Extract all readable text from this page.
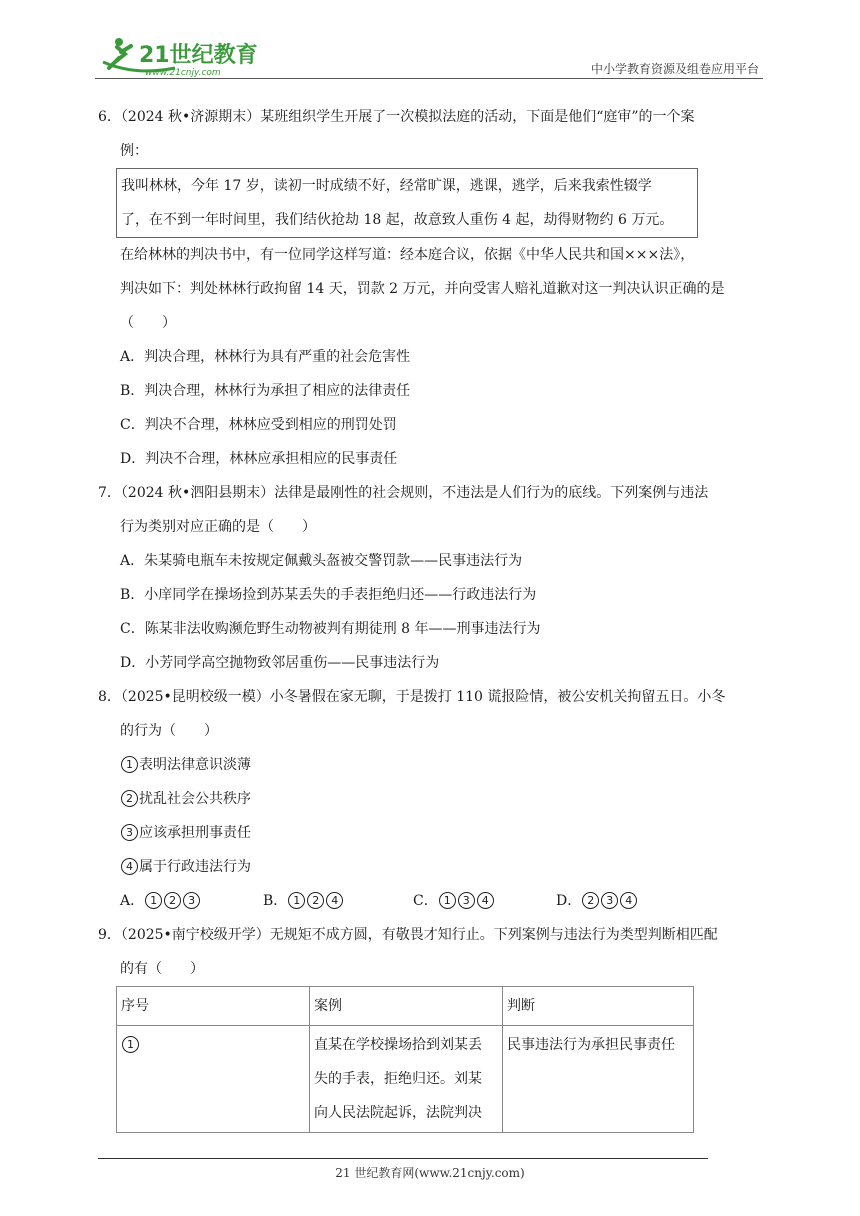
21世纪教育
www.21cnjy.com	中小学教育资源及组卷应用平台

6．（2024 秋•济源期末）某班组织学生开展了一次模拟法庭的活动，下面是他们“庭审”的一个案

例：

我叫林林，今年 17 岁，读初一时成绩不好，经常旷课，逃课，逃学，后来我索性辍学
了，在不到一年时间里，我们结伙抢劫 18 起，故意致人重伤 4 起，劫得财物约 6 万元。

在给林林的判决书中，有一位同学这样写道：经本庭合议，依据《中华人民共和国×××法》，

判决如下：判处林林行政拘留 14 天，罚款 2 万元，并向受害人赔礼道歉对这一判决认识正确的是

（　　）

A．判决合理，林林行为具有严重的社会危害性

B．判决合理，林林行为承担了相应的法律责任

C．判决不合理，林林应受到相应的刑罚处罚

D．判决不合理，林林应承担相应的民事责任

7．（2024 秋•泗阳县期末）法律是最刚性的社会规则，不违法是人们行为的底线。下列案例与违法

行为类别对应正确的是（　　）

A．朱某骑电瓶车未按规定佩戴头盔被交警罚款——民事违法行为

B．小庠同学在操场捡到苏某丢失的手表拒绝归还——行政违法行为

C．陈某非法收购濒危野生动物被判有期徒刑 8 年——刑事违法行为

D．小芳同学高空抛物致邻居重伤——民事违法行为

8．（2025•昆明校级一模）小冬暑假在家无聊，于是拨打 110 谎报险情，被公安机关拘留五日。小冬

的行为（　　）

1 表明法律意识淡薄

2 扰乱社会公共秩序

3 应该承担刑事责任

4 属于行政违法行为

A． 1 2 3	B． 1 2 4	C． 1 3 4	D． 2 3 4

9．（2025•南宁校级开学）无规矩不成方圆，有敬畏才知行止。下列案例与违法行为类型判断相匹配

的有（　　）

序号	案例	判断
1	直某在学校操场拾到刘某丢
失的手表，拒绝归还。刘某
向人民法院起诉，法院判决	民事违法行为承担民事责任
21 世纪教育网(www.21cnjy.com)
